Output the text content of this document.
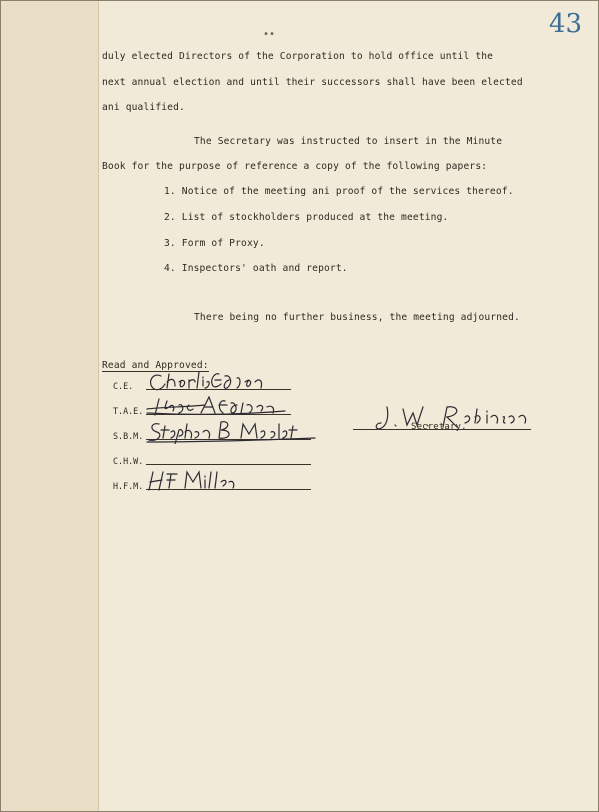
43
••
duly elected Directors of the Corporation to hold office until the
next annual election and until their successors shall have been elected
ani qualified.
The Secretary was instructed to insert in the Minute
Book for the purpose of reference a copy of the following papers:
1. Notice of the meeting ani proof of the services thereof.
2. List of stockholders produced at the meeting.
3. Form of Proxy.
4. Inspectors' oath and report.
There being no further business, the meeting adjourned.
Read and Approved:
C.E.
T.A.E.
S.B.M.
C.H.W.
H.F.M.
Secretary.
